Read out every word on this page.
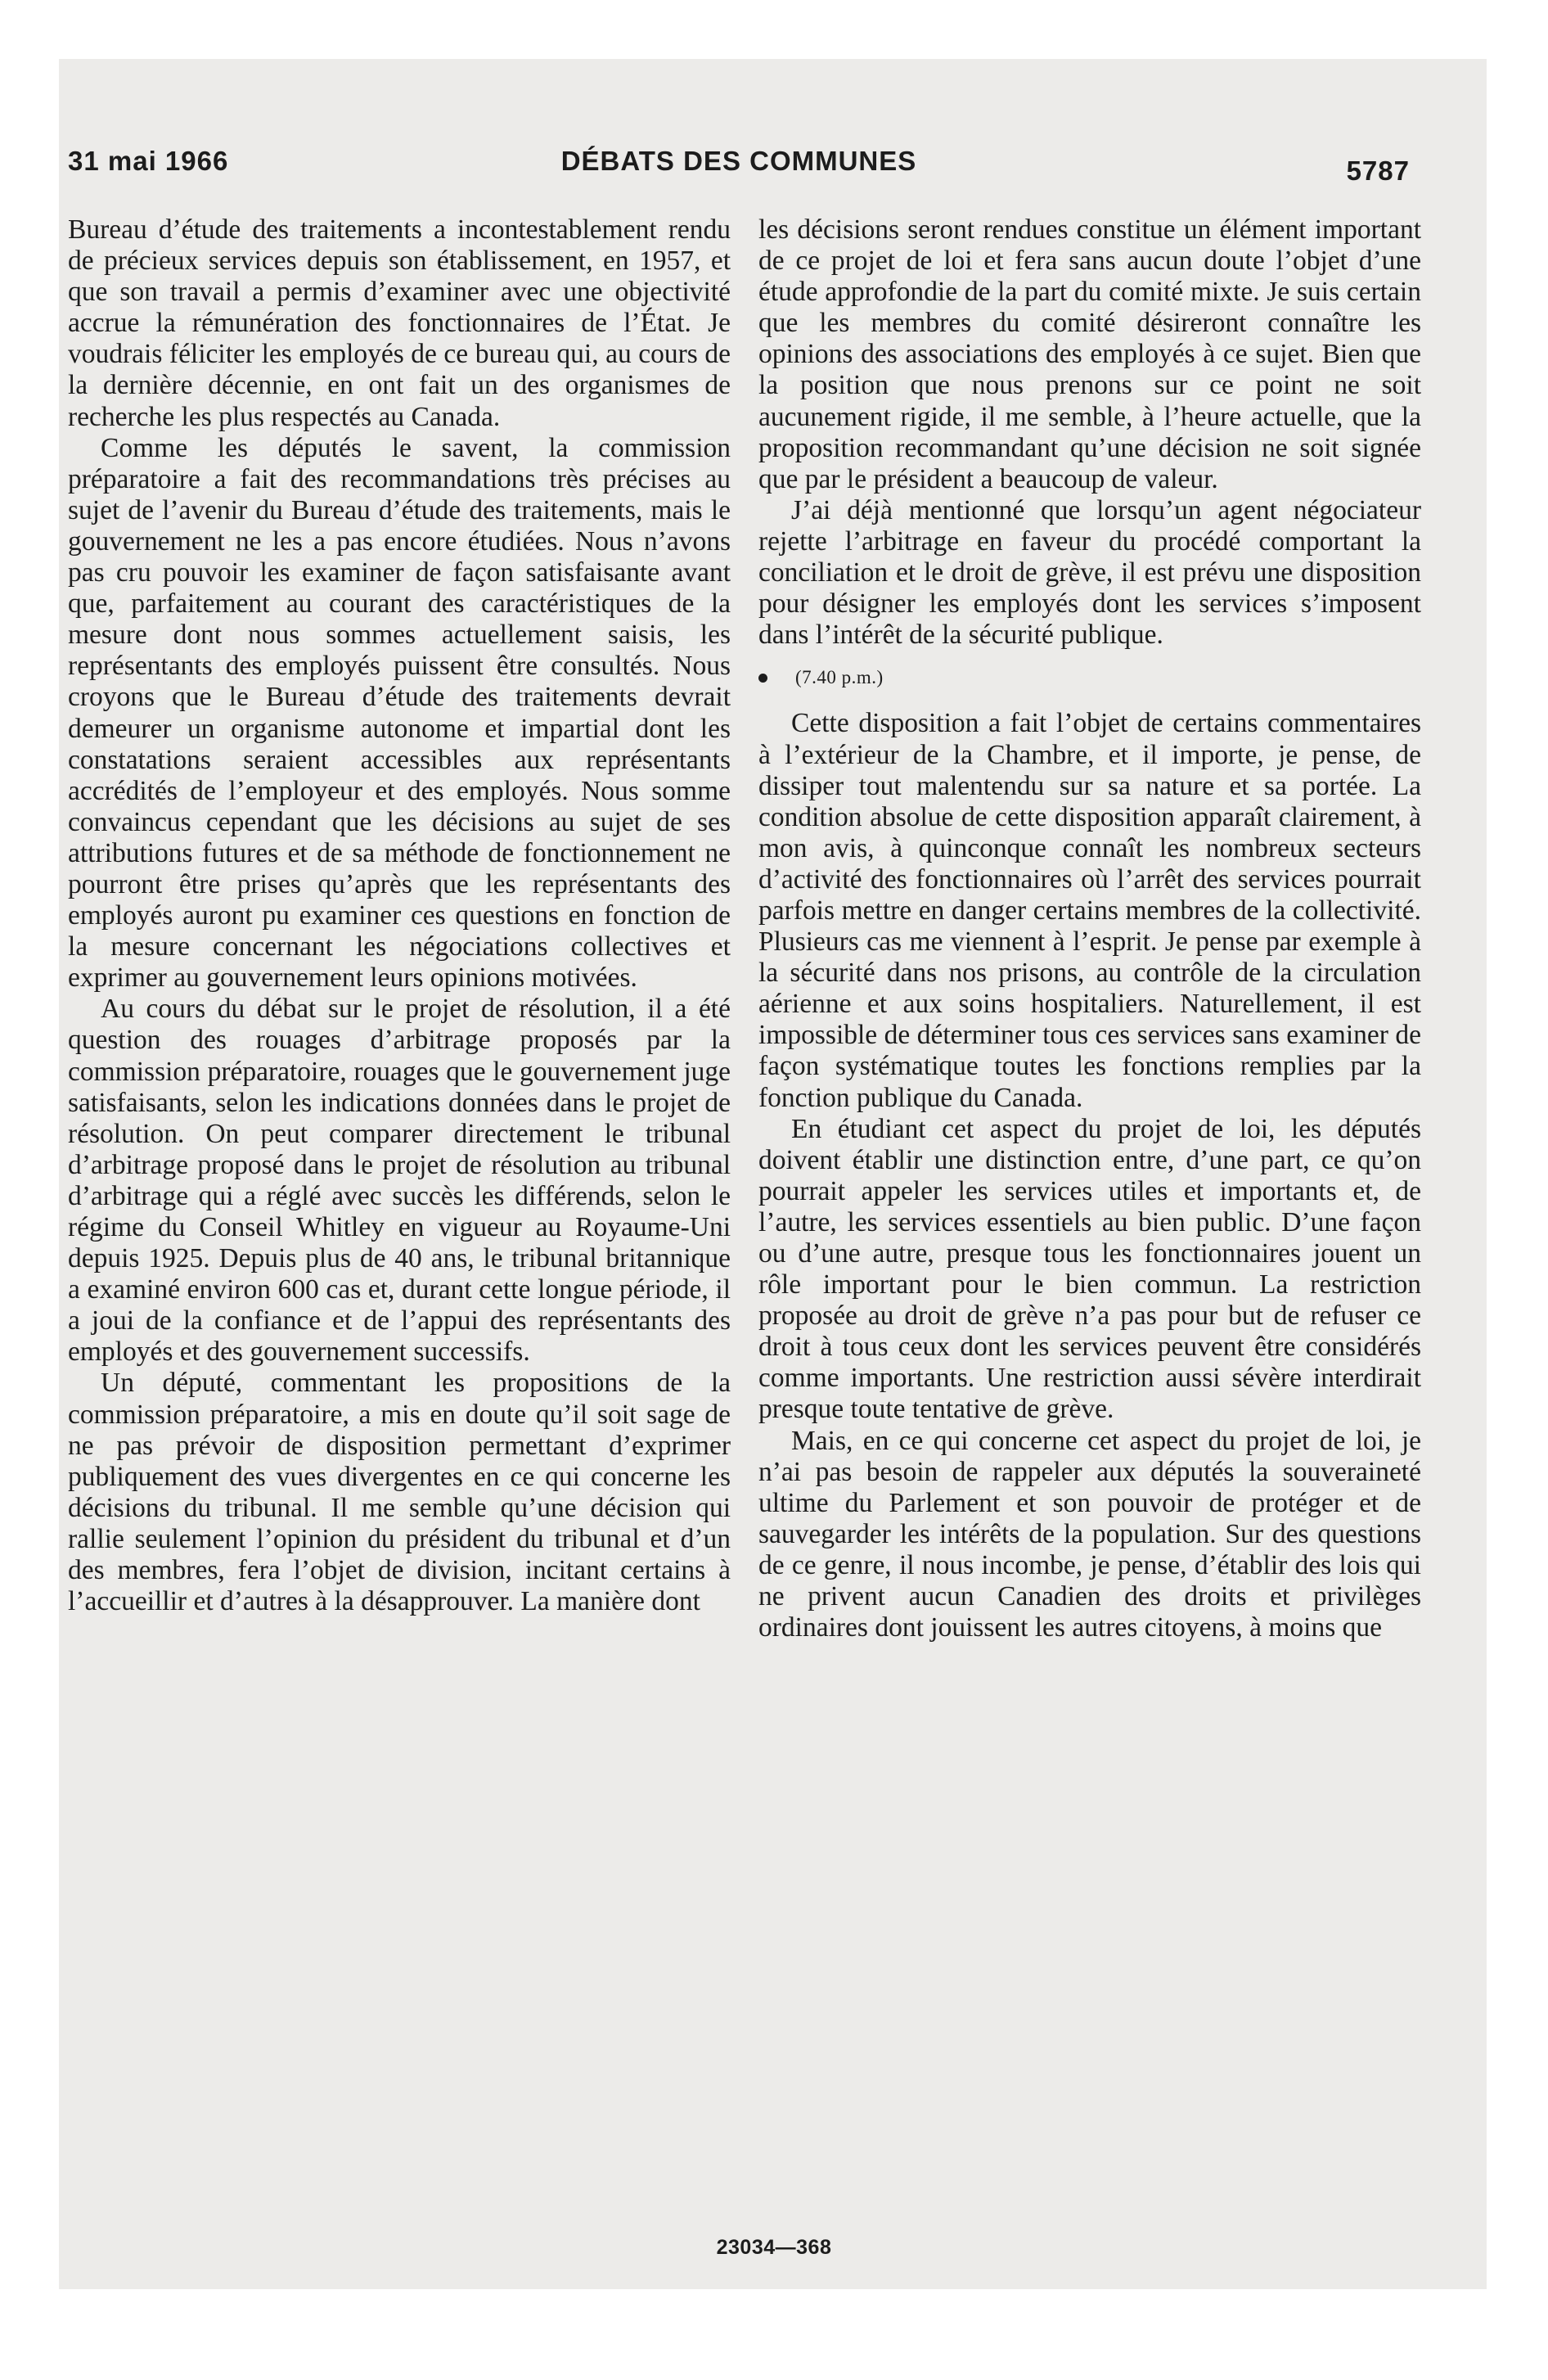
31 mai 1966	DÉBATS DES COMMUNES	5787

Bureau d’étude des traitements a incontestablement rendu de précieux services depuis son établissement, en 1957, et que son travail a permis d’examiner avec une objectivité accrue la rémunération des fonctionnaires de l’État. Je voudrais féliciter les employés de ce bureau qui, au cours de la dernière décennie, en ont fait un des organismes de recherche les plus respectés au Canada.

Comme les députés le savent, la commission préparatoire a fait des recommandations très précises au sujet de l’avenir du Bureau d’étude des traitements, mais le gouvernement ne les a pas encore étudiées. Nous n’avons pas cru pouvoir les examiner de façon satisfaisante avant que, parfaitement au courant des caractéristiques de la mesure dont nous sommes actuellement saisis, les représentants des employés puissent être consultés. Nous croyons que le Bureau d’étude des traitements devrait demeurer un organisme autonome et impartial dont les constatations seraient accessibles aux représentants accrédités de l’employeur et des employés. Nous somme convaincus cependant que les décisions au sujet de ses attributions futures et de sa méthode de fonctionnement ne pourront être prises qu’après que les représentants des employés auront pu examiner ces questions en fonction de la mesure concernant les négociations collectives et exprimer au gouvernement leurs opinions motivées.

Au cours du débat sur le projet de résolution, il a été question des rouages d’arbitrage proposés par la commission préparatoire, rouages que le gouvernement juge satisfaisants, selon les indications données dans le projet de résolution. On peut comparer directement le tribunal d’arbitrage proposé dans le projet de résolution au tribunal d’arbitrage qui a réglé avec succès les différends, selon le régime du Conseil Whitley en vigueur au Royaume-Uni depuis 1925. Depuis plus de 40 ans, le tribunal britannique a examiné environ 600 cas et, durant cette longue période, il a joui de la confiance et de l’appui des représentants des employés et des gouvernement successifs.

Un député, commentant les propositions de la commission préparatoire, a mis en doute qu’il soit sage de ne pas prévoir de disposition permettant d’exprimer publiquement des vues divergentes en ce qui concerne les décisions du tribunal. Il me semble qu’une décision qui rallie seulement l’opinion du président du tribunal et d’un des membres, fera l’objet de division, incitant certains à l’accueillir et d’autres à la désapprouver. La manière dont

les décisions seront rendues constitue un élément important de ce projet de loi et fera sans aucun doute l’objet d’une étude approfondie de la part du comité mixte. Je suis certain que les membres du comité désireront connaître les opinions des associations des employés à ce sujet. Bien que la position que nous prenons sur ce point ne soit aucunement rigide, il me semble, à l’heure actuelle, que la proposition recommandant qu’une décision ne soit signée que par le président a beaucoup de valeur.

J’ai déjà mentionné que lorsqu’un agent négociateur rejette l’arbitrage en faveur du procédé comportant la conciliation et le droit de grève, il est prévu une disposition pour désigner les employés dont les services s’imposent dans l’intérêt de la sécurité publique.

(7.40 p.m.)

Cette disposition a fait l’objet de certains commentaires à l’extérieur de la Chambre, et il importe, je pense, de dissiper tout malentendu sur sa nature et sa portée. La condition absolue de cette disposition apparaît clairement, à mon avis, à quinconque connaît les nombreux secteurs d’activité des fonctionnaires où l’arrêt des services pourrait parfois mettre en danger certains membres de la collectivité. Plusieurs cas me viennent à l’esprit. Je pense par exemple à la sécurité dans nos prisons, au contrôle de la circulation aérienne et aux soins hospitaliers. Naturellement, il est impossible de déterminer tous ces services sans examiner de façon systématique toutes les fonctions remplies par la fonction publique du Canada.

En étudiant cet aspect du projet de loi, les députés doivent établir une distinction entre, d’une part, ce qu’on pourrait appeler les services utiles et importants et, de l’autre, les services essentiels au bien public. D’une façon ou d’une autre, presque tous les fonctionnaires jouent un rôle important pour le bien commun. La restriction proposée au droit de grève n’a pas pour but de refuser ce droit à tous ceux dont les services peuvent être considérés comme importants. Une restriction aussi sévère interdirait presque toute tentative de grève.

Mais, en ce qui concerne cet aspect du projet de loi, je n’ai pas besoin de rappeler aux députés la souveraineté ultime du Parlement et son pouvoir de protéger et de sauvegarder les intérêts de la population. Sur des questions de ce genre, il nous incombe, je pense, d’établir des lois qui ne privent aucun Canadien des droits et privilèges ordinaires dont jouissent les autres citoyens, à moins que

23034—368
